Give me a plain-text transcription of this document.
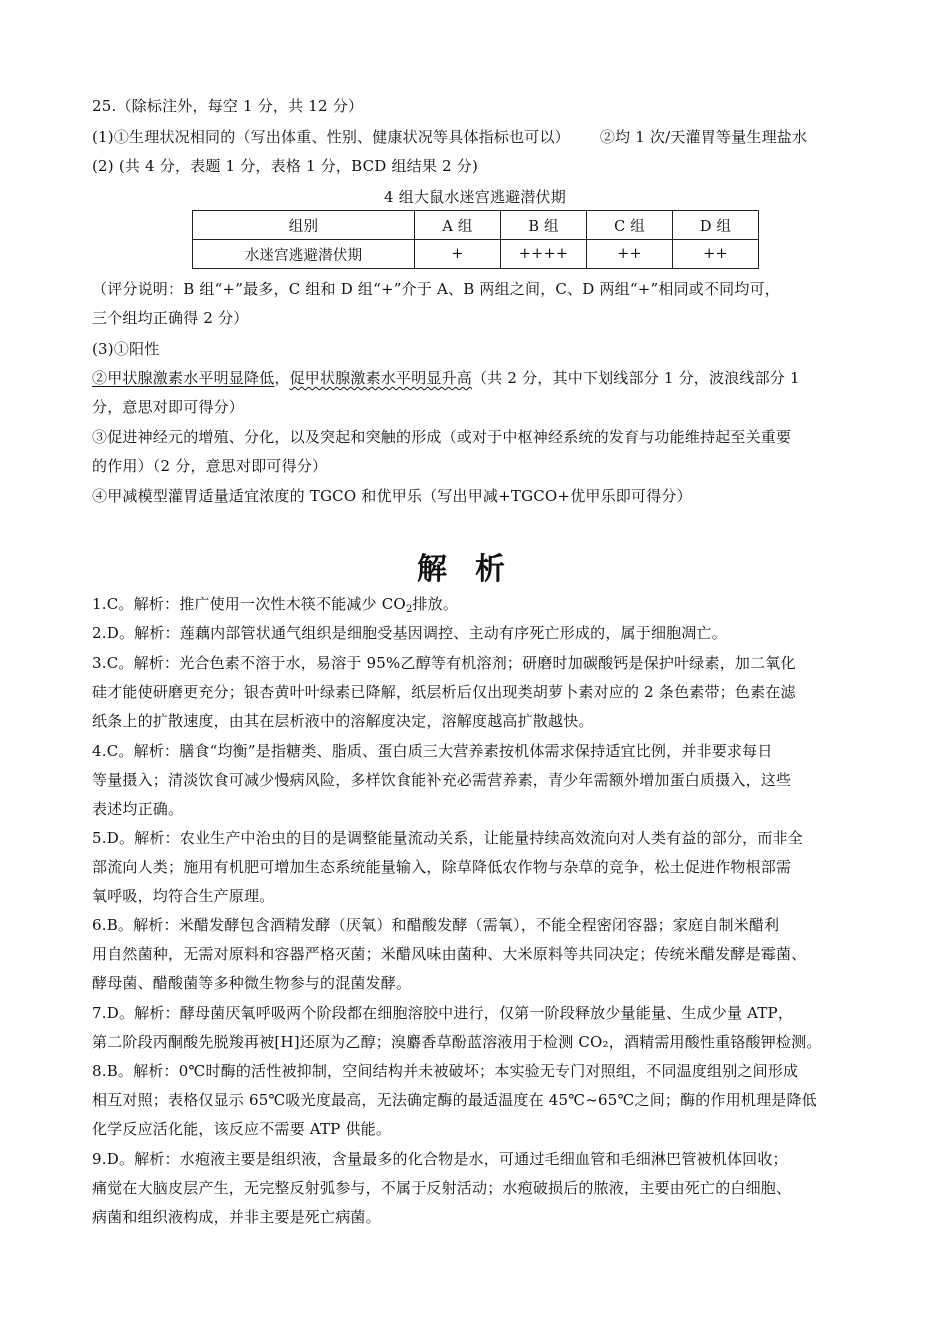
25.（除标注外，每空 1 分，共 12 分）
(1)①生理状况相同的（写出体重、性别、健康状况等具体指标也可以） ②均 1 次/天灌胃等量生理盐水
(2) (共 4 分，表题 1 分，表格 1 分，BCD 组结果 2 分)
4 组大鼠水迷宫逃避潜伏期
组别	A 组	B 组	C 组	D 组
水迷宫逃避潜伏期	+	++++	++	++
（评分说明：B 组“+”最多，C 组和 D 组“+”介于 A、B 两组之间，C、D 两组“+”相同或不同均可，
三个组均正确得 2 分）
(3)①阳性
②甲状腺激素水平明显降低，促甲状腺激素水平明显升高（共 2 分，其中下划线部分 1 分，波浪线部分 1
分，意思对即可得分）
③促进神经元的增殖、分化，以及突起和突触的形成（或对于中枢神经系统的发育与功能维持起至关重要
的作用）（2 分，意思对即可得分）
④甲减模型灌胃适量适宜浓度的 TGCO 和优甲乐（写出甲减+TGCO+优甲乐即可得分）
解析
1.C。解析：推广使用一次性木筷不能减少 $CO_2$排放。
2.D。解析：莲藕内部管状通气组织是细胞受基因调控、主动有序死亡形成的，属于细胞凋亡。
3.C。解析：光合色素不溶于水，易溶于 95%乙醇等有机溶剂；研磨时加碳酸钙是保护叶绿素，加二氧化
硅才能使研磨更充分；银杏黄叶叶绿素已降解，纸层析后仅出现类胡萝卜素对应的 2 条色素带；色素在滤
纸条上的扩散速度，由其在层析液中的溶解度决定，溶解度越高扩散越快。
4.C。解析：膳食“均衡”是指糖类、脂质、蛋白质三大营养素按机体需求保持适宜比例，并非要求每日
等量摄入；清淡饮食可减少慢病风险，多样饮食能补充必需营养素，青少年需额外增加蛋白质摄入，这些
表述均正确。
5.D。解析：农业生产中治虫的目的是调整能量流动关系，让能量持续高效流向对人类有益的部分，而非全
部流向人类；施用有机肥可增加生态系统能量输入，除草降低农作物与杂草的竞争，松土促进作物根部需
氧呼吸，均符合生产原理。
6.B。解析：米醋发酵包含酒精发酵（厌氧）和醋酸发酵（需氧），不能全程密闭容器；家庭自制米醋利
用自然菌种，无需对原料和容器严格灭菌；米醋风味由菌种、大米原料等共同决定；传统米醋发酵是霉菌、
酵母菌、醋酸菌等多种微生物参与的混菌发酵。
7.D。解析：酵母菌厌氧呼吸两个阶段都在细胞溶胶中进行，仅第一阶段释放少量能量、生成少量 ATP，
第二阶段丙酮酸先脱羧再被[H]还原为乙醇；溴麝香草酚蓝溶液用于检测 CO₂，酒精需用酸性重铬酸钾检测。
8.B。解析：0℃时酶的活性被抑制，空间结构并未被破坏；本实验无专门对照组，不同温度组别之间形成
相互对照；表格仅显示 65℃吸光度最高，无法确定酶的最适温度在 45℃~65℃之间；酶的作用机理是降低
化学反应活化能，该反应不需要 ATP 供能。
9.D。解析：水疱液主要是组织液，含量最多的化合物是水，可通过毛细血管和毛细淋巴管被机体回收；
痛觉在大脑皮层产生，无完整反射弧参与，不属于反射活动；水疱破损后的脓液，主要由死亡的白细胞、
病菌和组织液构成，并非主要是死亡病菌。
